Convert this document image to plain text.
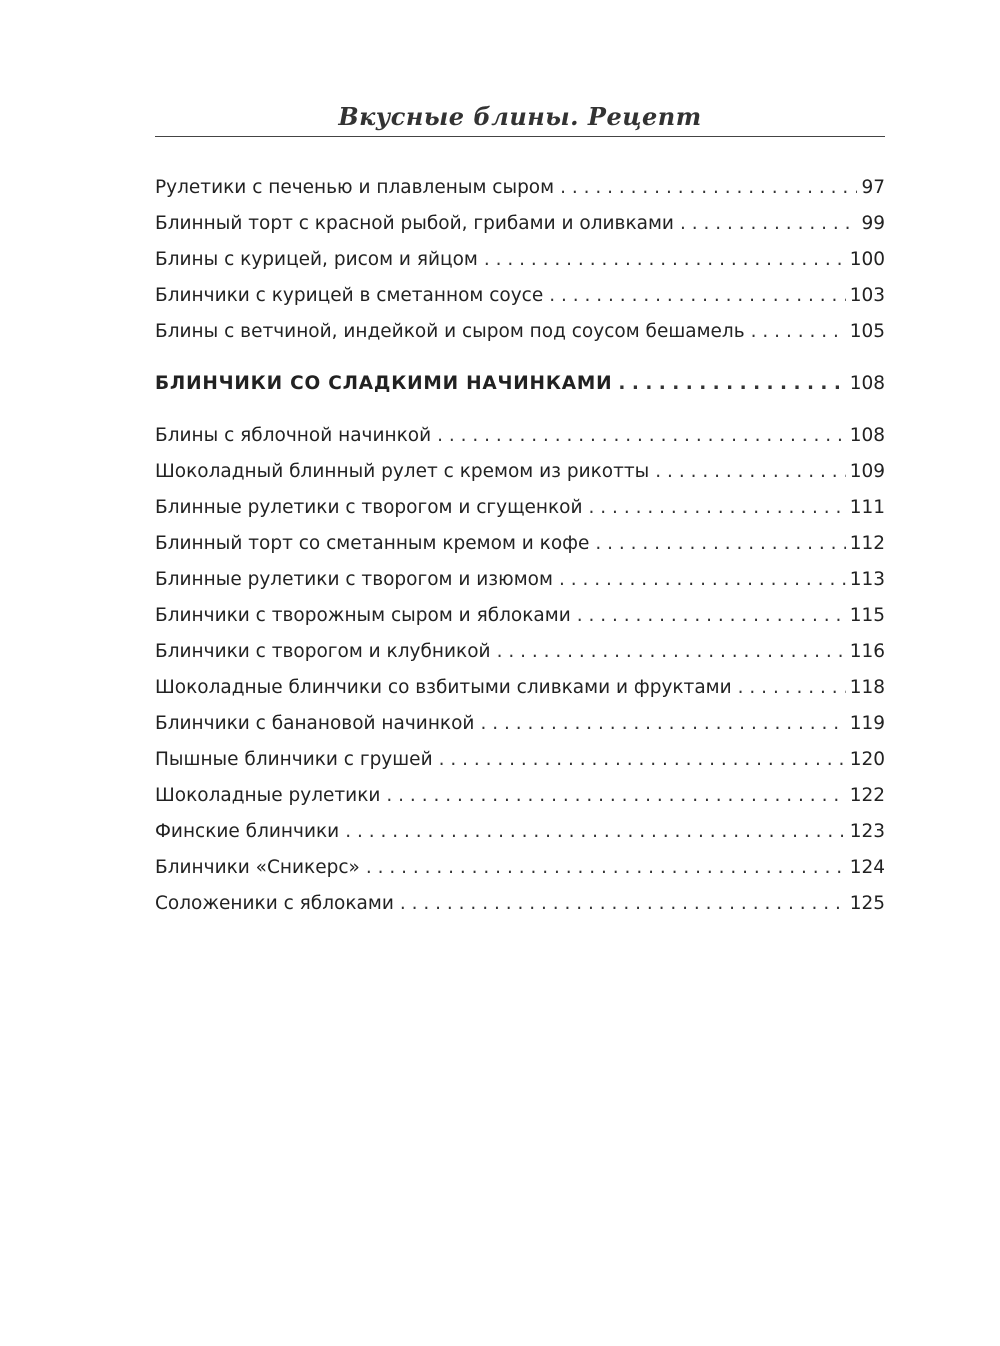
Вкусные блины. Рецепт
Рулетики с печенью и плавленым сыром . . .	97
Блинный торт с красной рыбой, грибами и оливками . . .	99
Блины с курицей, рисом и яйцом . . .	100
Блинчики с курицей в сметанном соусе . . .	103
Блины с ветчиной, индейкой и сыром под соусом бешамель . . .	105
БЛИНЧИКИ СО СЛАДКИМИ НАЧИНКАМИ . . .	108
Блины с яблочной начинкой . . .	108
Шоколадный блинный рулет с кремом из рикотты . . .	109
Блинные рулетики с творогом и сгущенкой . . .	111
Блинный торт со сметанным кремом и кофе . . .	112
Блинные рулетики с творогом и изюмом . . .	113
Блинчики с творожным сыром и яблоками . . .	115
Блинчики с творогом и клубникой . . .	116
Шоколадные блинчики со взбитыми сливками и фруктами . . .	118
Блинчики с банановой начинкой . . .	119
Пышные блинчики с грушей . . .	120
Шоколадные рулетики . . .	122
Финские блинчики . . .	123
Блинчики «Сникерс» . . .	124
Соложеники с яблоками . . .	125
